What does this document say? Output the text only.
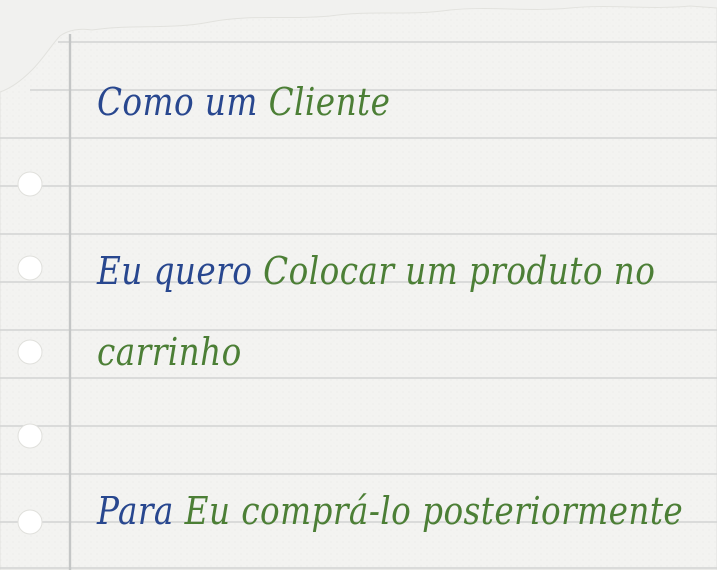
Como um Cliente

Eu quero Colocar um produto no

carrinho

Para Eu comprá-lo posteriormente
